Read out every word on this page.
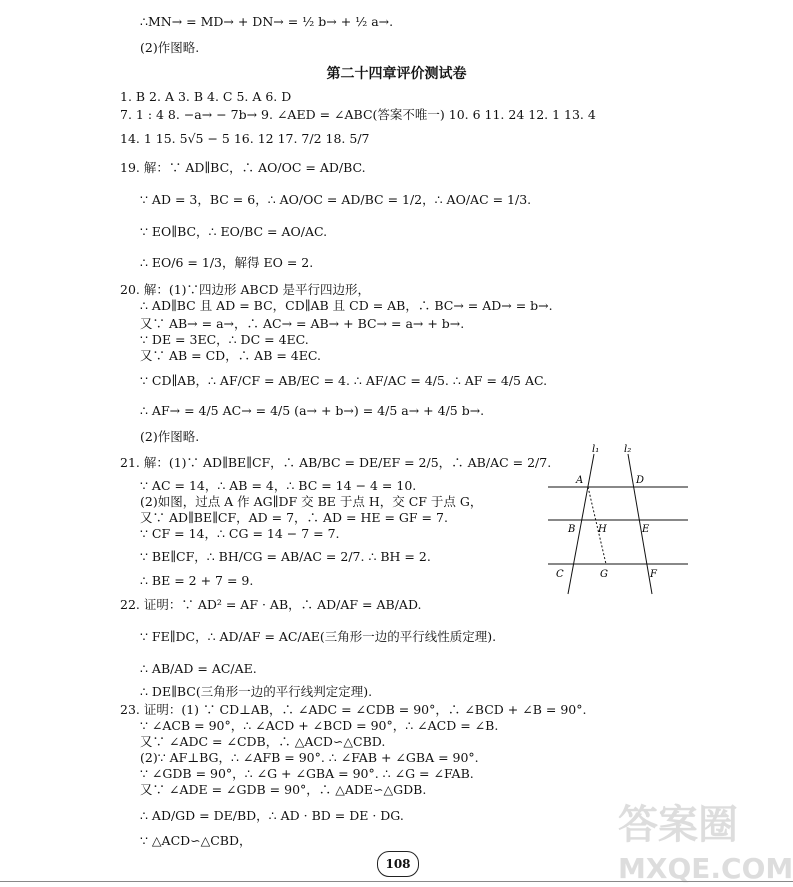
∴MN→ = MD→ + DN→ = ½ b→ + ½ a→.
(2)作图略.
第二十四章评价测试卷
1. B 2. A 3. B 4. C 5. A 6. D
7. 1 : 4 8. −a→ − 7b→ 9. ∠AED = ∠ABC(答案不唯一) 10. 6 11. 24 12. 1 13. 4
14. 1 15. 5√5 − 5 16. 12 17. 7/2 18. 5/7
19. 解：∵ AD∥BC，∴ AO/OC = AD/BC.
∵ AD = 3，BC = 6，∴ AO/OC = AD/BC = 1/2，∴ AO/AC = 1/3.
∵ EO∥BC，∴ EO/BC = AO/AC.
∴ EO/6 = 1/3，解得 EO = 2.
20. 解：(1)∵四边形 ABCD 是平行四边形，
∴ AD∥BC 且 AD = BC，CD∥AB 且 CD = AB，∴ BC→ = AD→ = b→.
又∵ AB→ = a→，∴ AC→ = AB→ + BC→ = a→ + b→.
∵ DE = 3EC，∴ DC = 4EC.
又∵ AB = CD，∴ AB = 4EC.
∵ CD∥AB，∴ AF/CF = AB/EC = 4. ∴ AF/AC = 4/5. ∴ AF = 4/5 AC.
∴ AF→ = 4/5 AC→ = 4/5 (a→ + b→) = 4/5 a→ + 4/5 b→.
(2)作图略.
21. 解：(1)∵ AD∥BE∥CF，∴ AB/BC = DE/EF = 2/5，∴ AB/AC = 2/7.
∵ AC = 14，∴ AB = 4，∴ BC = 14 − 4 = 10.
(2)如图，过点 A 作 AG∥DF 交 BE 于点 H，交 CF 于点 G，
又∵ AD∥BE∥CF，AD = 7，∴ AD = HE = GF = 7.
∵ CF = 14，∴ CG = 14 − 7 = 7.
∵ BE∥CF，∴ BH/CG = AB/AC = 2/7. ∴ BH = 2.
∴ BE = 2 + 7 = 9.
22. 证明：∵ AD² = AF · AB，∴ AD/AF = AB/AD.
∵ FE∥DC，∴ AD/AF = AC/AE(三角形一边的平行线性质定理).
∴ AB/AD = AC/AE.
∴ DE∥BC(三角形一边的平行线判定定理).
23. 证明：(1) ∵ CD⊥AB，∴ ∠ADC = ∠CDB = 90°，∴ ∠BCD + ∠B = 90°.
∵ ∠ACB = 90°，∴ ∠ACD + ∠BCD = 90°，∴ ∠ACD = ∠B.
又∵ ∠ADC = ∠CDB，∴ △ACD∽△CBD.
(2)∵ AF⊥BG，∴ ∠AFB = 90°. ∴ ∠FAB + ∠GBA = 90°.
∵ ∠GDB = 90°，∴ ∠G + ∠GBA = 90°. ∴ ∠G = ∠FAB.
又∵ ∠ADE = ∠GDB = 90°，∴ △ADE∽△GDB.
∴ AD/GD = DE/BD，∴ AD · BD = DE · DG.
∵ △ACD∽△CBD，
l₁ l₂
A	D
B H	E
C	G	F
108
答案圈
MXQE.COM
